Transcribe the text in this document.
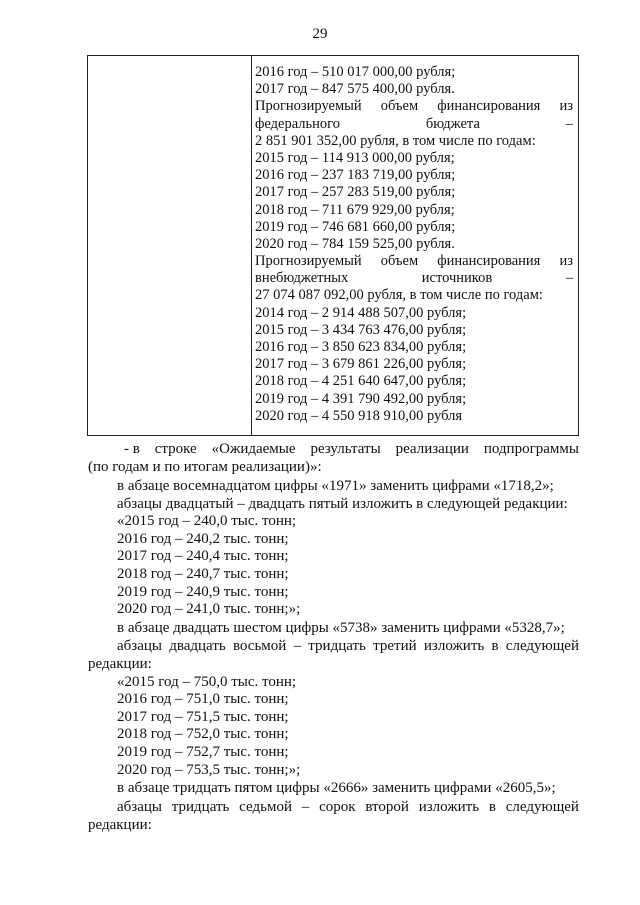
29
2016 год – 510 017 000,00 рубля;
2017 год – 847 575 400,00 рубля.
Прогнозируемый объем финансирования из
федерального	бюджета	–
2 851 901 352,00 рубля, в том числе по годам:
2015 год – 114 913 000,00 рубля;
2016 год – 237 183 719,00 рубля;
2017 год – 257 283 519,00 рубля;
2018 год – 711 679 929,00 рубля;
2019 год – 746 681 660,00 рубля;
2020 год – 784 159 525,00 рубля.
Прогнозируемый объем финансирования из
внебюджетных	источников	–
27 074 087 092,00 рубля, в том числе по годам:
2014 год – 2 914 488 507,00 рубля;
2015 год – 3 434 763 476,00 рубля;
2016 год – 3 850 623 834,00 рубля;
2017 год – 3 679 861 226,00 рубля;
2018 год – 4 251 640 647,00 рубля;
2019 год – 4 391 790 492,00 рубля;
2020 год – 4 550 918 910,00 рубля
- в строке «Ожидаемые результаты реализации подпрограммы
(по годам и по итогам реализации)»:
в абзаце восемнадцатом цифры «1971» заменить цифрами «1718,2»;
абзацы двадцатый – двадцать пятый изложить в следующей редакции:
«2015 год – 240,0 тыс. тонн;
2016 год – 240,2 тыс. тонн;
2017 год – 240,4 тыс. тонн;
2018 год – 240,7 тыс. тонн;
2019 год – 240,9 тыс. тонн;
2020 год – 241,0 тыс. тонн;»;
в абзаце двадцать шестом цифры «5738» заменить цифрами «5328,7»;
абзацы двадцать восьмой – тридцать третий изложить в следующей
редакции:
«2015 год – 750,0 тыс. тонн;
2016 год – 751,0 тыс. тонн;
2017 год – 751,5 тыс. тонн;
2018 год – 752,0 тыс. тонн;
2019 год – 752,7 тыс. тонн;
2020 год – 753,5 тыс. тонн;»;
в абзаце тридцать пятом цифры «2666» заменить цифрами «2605,5»;
абзацы тридцать седьмой – сорок второй изложить в следующей
редакции:
